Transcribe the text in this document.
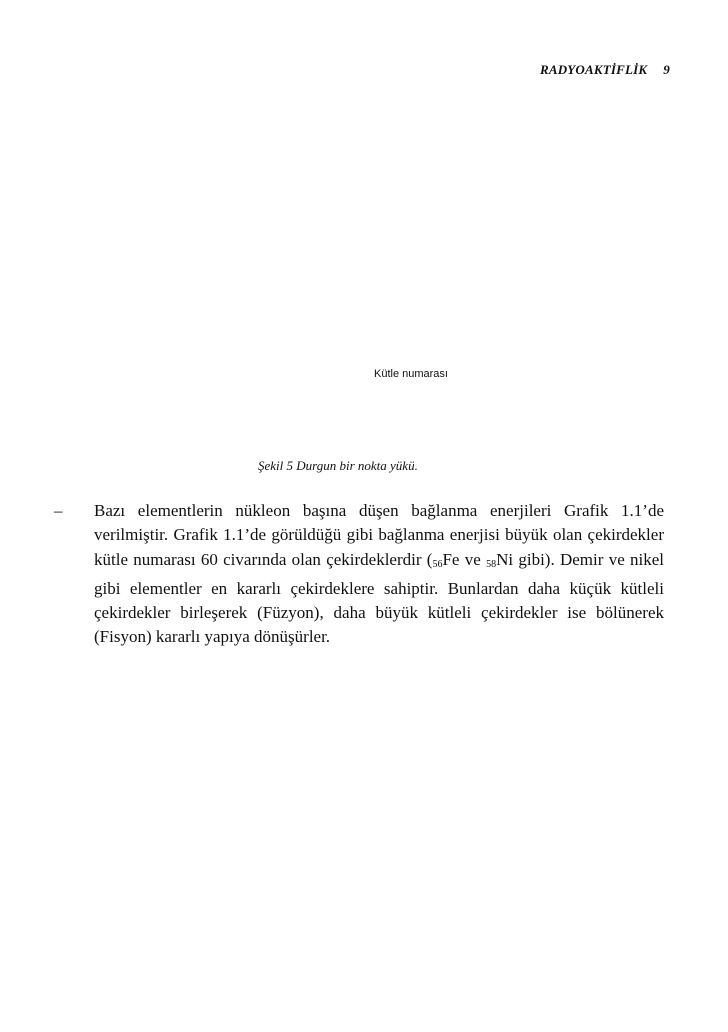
RADYOAKTİFLİK 9
Kütle numarası
Şekil 5 Durgun bir nokta yükü.
– Bazı elementlerin nükleon başına düşen bağlanma enerjileri Grafik 1.1’de verilmiştir. Grafik 1.1’de görüldüğü gibi bağlanma enerjisi büyük olan çekirdekler kütle numarası 60 civarında olan çekirdeklerdir ($_{56}Fe$ ve $_{58}$Ni gibi). Demir ve nikel gibi elementler en kararlı çekirdeklere sahiptir. Bunlardan daha küçük kütleli çekirdekler birleşerek (Füzyon), daha büyük kütleli çekirdekler ise bölünerek (Fisyon) kararlı yapıya dönüşürler.
